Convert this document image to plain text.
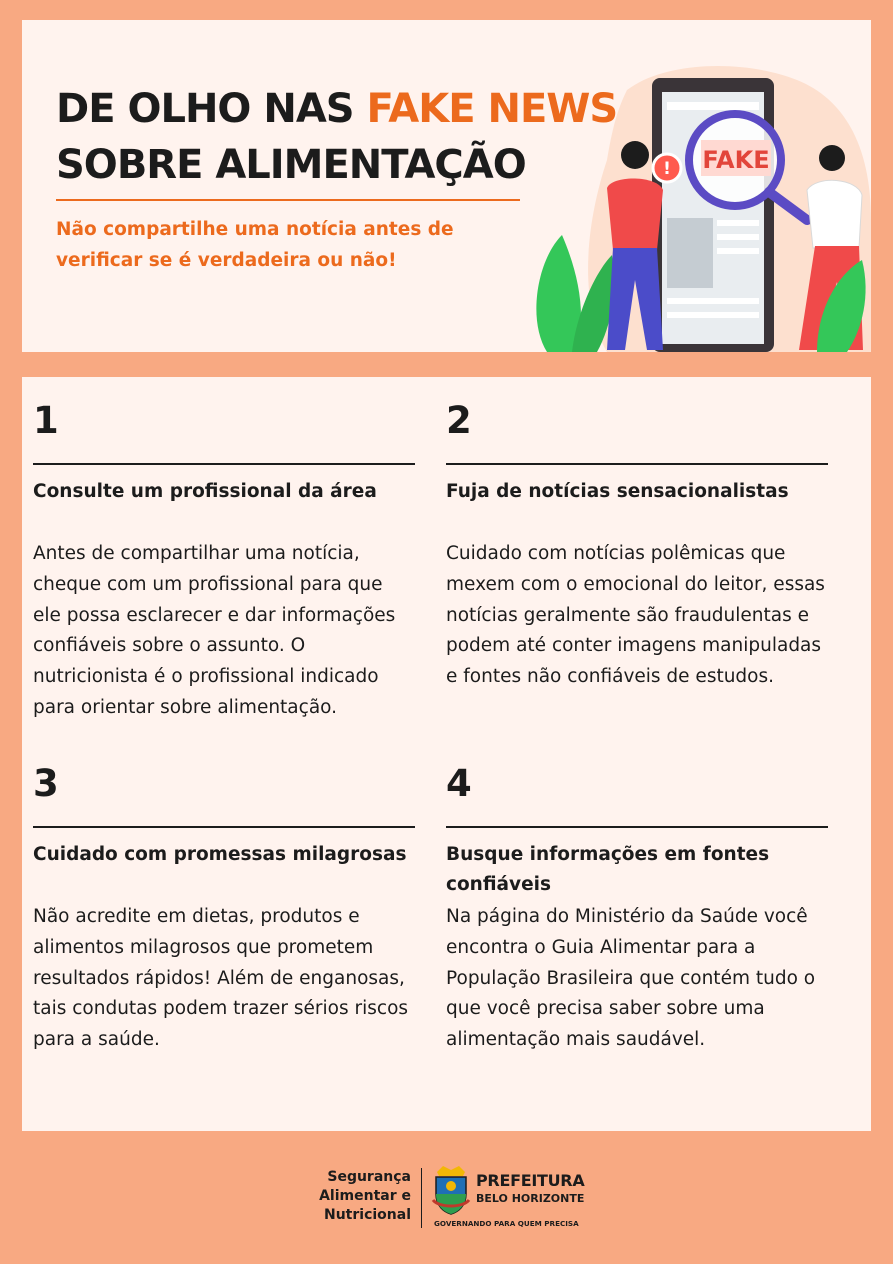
DE OLHO NAS FAKE NEWS
SOBRE ALIMENTAÇÃO

Não compartilhe uma notícia antes de verificar se é verdadeira ou não!

FAKE
!

1

Consulte um profissional da área

Antes de compartilhar uma notícia, cheque com um profissional para que ele possa esclarecer e dar informações confiáveis sobre o assunto. O nutricionista é o profissional indicado para orientar sobre alimentação.

2

Fuja de notícias sensacionalistas

Cuidado com notícias polêmicas que mexem com o emocional do leitor, essas notícias geralmente são fraudulentas e podem até conter imagens manipuladas e fontes não confiáveis de estudos.

3

Cuidado com promessas milagrosas

Não acredite em dietas, produtos e alimentos milagrosos que prometem resultados rápidos! Além de enganosas, tais condutas podem trazer sérios riscos para a saúde.

4

Busque informações em fontes confiáveis

Na página do Ministério da Saúde você encontra o Guia Alimentar para a População Brasileira que contém tudo o que você precisa saber sobre uma alimentação mais saudável.

Segurança
Alimentar e
Nutricional

PREFEITURA

BELO HORIZONTE

GOVERNANDO PARA QUEM PRECISA
